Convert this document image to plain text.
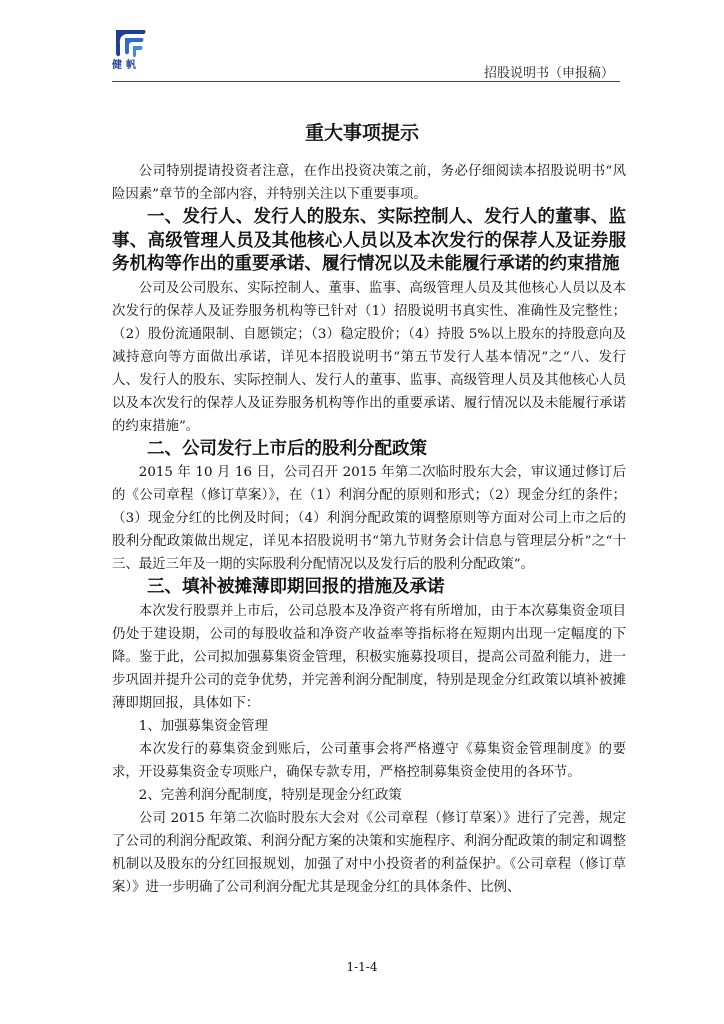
健帆
招股说明书（申报稿）
重大事项提示

公司特别提请投资者注意，在作出投资决策之前，务必仔细阅读本招股说明书“风险因素”章节的全部内容，并特别关注以下重要事项。

一、发行人、发行人的股东、实际控制人、发行人的董事、监事、高级管理人员及其他核心人员以及本次发行的保荐人及证券服务机构等作出的重要承诺、履行情况以及未能履行承诺的约束措施

公司及公司股东、实际控制人、董事、监事、高级管理人员及其他核心人员以及本次发行的保荐人及证券服务机构等已针对（1）招股说明书真实性、准确性及完整性；（2）股份流通限制、自愿锁定；（3）稳定股价；（4）持股 5%以上股东的持股意向及减持意向等方面做出承诺，详见本招股说明书“第五节发行人基本情况”之“八、发行人、发行人的股东、实际控制人、发行人的董事、监事、高级管理人员及其他核心人员以及本次发行的保荐人及证券服务机构等作出的重要承诺、履行情况以及未能履行承诺的约束措施”。

二、公司发行上市后的股利分配政策

2015 年 10 月 16 日，公司召开 2015 年第二次临时股东大会，审议通过修订后的《公司章程（修订草案）》，在（1）利润分配的原则和形式；（2）现金分红的条件；（3）现金分红的比例及时间；（4）利润分配政策的调整原则等方面对公司上市之后的股利分配政策做出规定，详见本招股说明书“第九节财务会计信息与管理层分析”之“十三、最近三年及一期的实际股利分配情况以及发行后的股利分配政策”。

三、填补被摊薄即期回报的措施及承诺

本次发行股票并上市后，公司总股本及净资产将有所增加，由于本次募集资金项目仍处于建设期，公司的每股收益和净资产收益率等指标将在短期内出现一定幅度的下降。鉴于此，公司拟加强募集资金管理，积极实施募投项目，提高公司盈利能力，进一步巩固并提升公司的竞争优势，并完善利润分配制度，特别是现金分红政策以填补被摊薄即期回报，具体如下：

1、加强募集资金管理

本次发行的募集资金到账后，公司董事会将严格遵守《募集资金管理制度》的要求，开设募集资金专项账户，确保专款专用，严格控制募集资金使用的各环节。

2、完善利润分配制度，特别是现金分红政策

公司 2015 年第二次临时股东大会对《公司章程（修订草案）》进行了完善，规定了公司的利润分配政策、利润分配方案的决策和实施程序、利润分配政策的制定和调整机制以及股东的分红回报规划，加强了对中小投资者的利益保护。《公司章程（修订草案）》进一步明确了公司利润分配尤其是现金分红的具体条件、比例、

1-1-4
